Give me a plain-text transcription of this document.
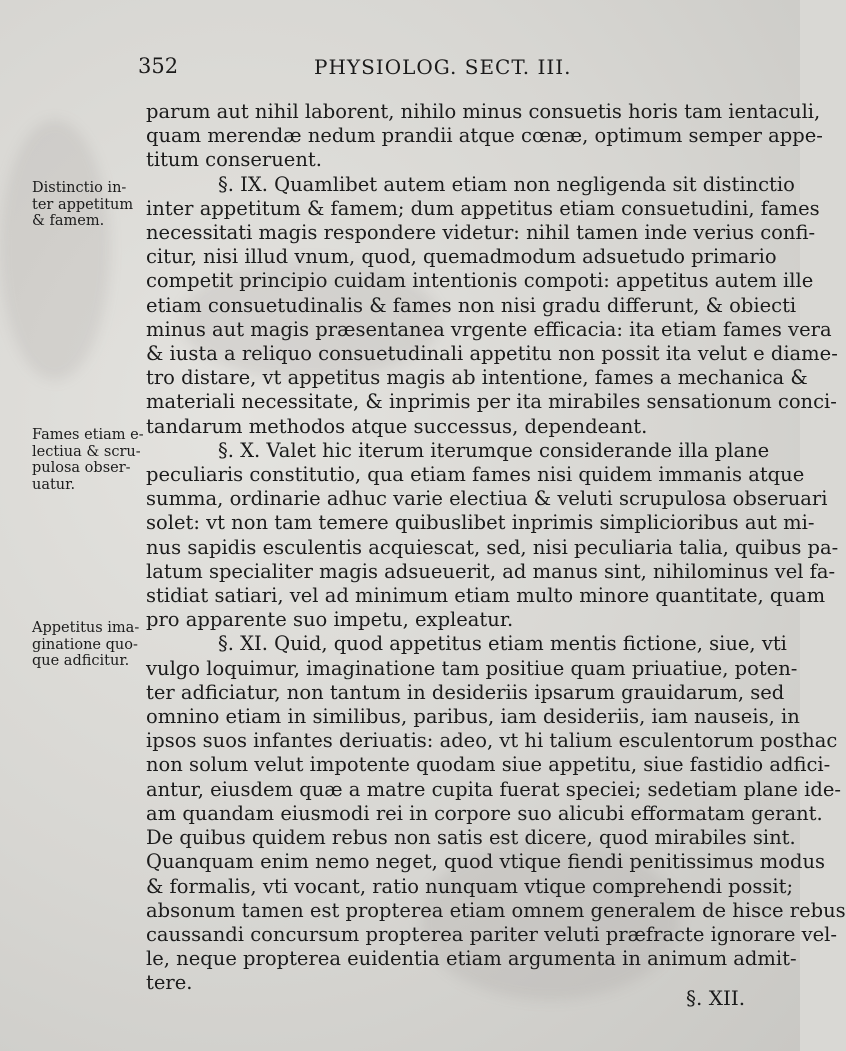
352	PHYSIOLOG. SECT. III.
Distinctio in-
ter appetitum
& famem.
Fames etiam e-
lectiua & scru-
pulosa obser-
uatur.
Appetitus ima-
ginatione quo-
que adficitur.
parum aut nihil laborent, nihilo minus consuetis horis tam ientaculi,
quam merendæ nedum prandii atque cœnæ, optimum semper appe-
titum conseruent.
§. IX. Quamlibet autem etiam non negligenda sit distinctio
inter appetitum & famem; dum appetitus etiam consuetudini, fames
necessitati magis respondere videtur: nihil tamen inde verius confi-
citur, nisi illud vnum, quod, quemadmodum adsuetudo primario
competit principio cuidam intentionis compoti: appetitus autem ille
etiam consuetudinalis & fames non nisi gradu differunt, & obiecti
minus aut magis præsentanea vrgente efficacia: ita etiam fames vera
& iusta a reliquo consuetudinali appetitu non possit ita velut e diame-
tro distare, vt appetitus magis ab intentione, fames a mechanica &
materiali necessitate, & inprimis per ita mirabiles sensationum conci-
tandarum methodos atque successus, dependeant.
§. X. Valet hic iterum iterumque considerande illa plane
peculiaris constitutio, qua etiam fames nisi quidem immanis atque
summa, ordinarie adhuc varie electiua & veluti scrupulosa obseruari
solet: vt non tam temere quibuslibet inprimis simplicioribus aut mi-
nus sapidis esculentis acquiescat, sed, nisi peculiaria talia, quibus pa-
latum specialiter magis adsueuerit, ad manus sint, nihilominus vel fa-
stidiat satiari, vel ad minimum etiam multo minore quantitate, quam
pro apparente suo impetu, expleatur.
§. XI. Quid, quod appetitus etiam mentis fictione, siue, vti
vulgo loquimur, imaginatione tam positiue quam priuatiue, poten-
ter adficiatur, non tantum in desideriis ipsarum grauidarum, sed
omnino etiam in similibus, paribus, iam desideriis, iam nauseis, in
ipsos suos infantes deriuatis: adeo, vt hi talium esculentorum posthac
non solum velut impotente quodam siue appetitu, siue fastidio adfici-
antur, eiusdem quæ a matre cupita fuerat speciei; sedetiam plane ide-
am quandam eiusmodi rei in corpore suo alicubi efformatam gerant.
De quibus quidem rebus non satis est dicere, quod mirabiles sint.
Quanquam enim nemo neget, quod vtique fiendi penitissimus modus
& formalis, vti vocant, ratio nunquam vtique comprehendi possit;
absonum tamen est propterea etiam omnem generalem de hisce rebus
caussandi concursum propterea pariter veluti præfracte ignorare vel-
le, neque propterea euidentia etiam argumenta in animum admit-
tere.
§. XII.
